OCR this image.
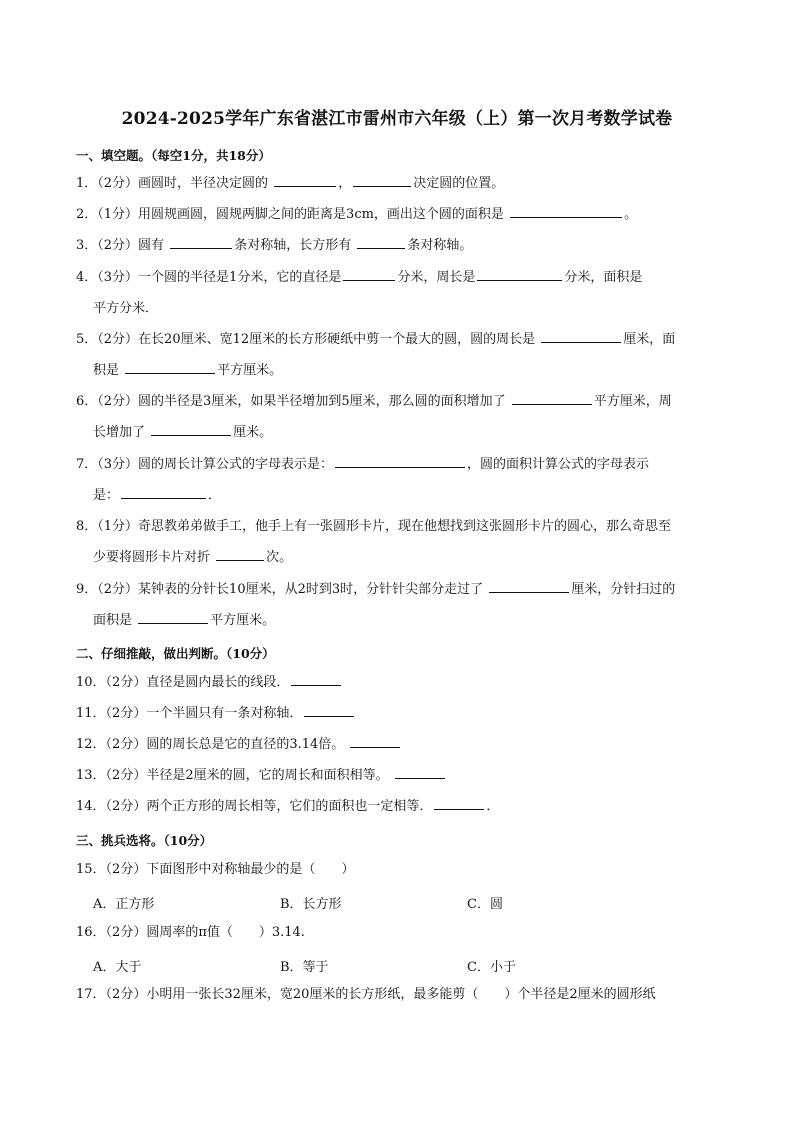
2024-2025学年广东省湛江市雷州市六年级（上）第一次月考数学试卷
一、填空题。（每空1分，共18分）
1．（2分）画圆时，半径决定圆的	，	决定圆的位置。
2．（1分）用圆规画圆，圆规两脚之间的距离是3cm，画出这个圆的面积是	。
3．（2分）圆有	条对称轴，长方形有	条对称轴。
4．（3分）一个圆的半径是1分米，它的直径是	分米，周长是	分米，面积是
平方分米．
5．（2分）在长20厘米、宽12厘米的长方形硬纸中剪一个最大的圆，圆的周长是	厘米，面
积是	平方厘米。
6．（2分）圆的半径是3厘米，如果半径增加到5厘米，那么圆的面积增加了	平方厘米，周
长增加了	厘米。
7．（3分）圆的周长计算公式的字母表示是：	，圆的面积计算公式的字母表示
是：	．
8．（1分）奇思教弟弟做手工，他手上有一张圆形卡片，现在他想找到这张圆形卡片的圆心，那么奇思至
少要将圆形卡片对折	次。
9．（2分）某钟表的分针长10厘米，从2时到3时，分针针尖部分走过了	厘米，分针扫过的
面积是	平方厘米。
二、仔细推敲，做出判断。（10分）
10．（2分）直径是圆内最长的线段．
11．（2分）一个半圆只有一条对称轴．
12．（2分）圆的周长总是它的直径的3.14倍。
13．（2分）半径是2厘米的圆，它的周长和面积相等。
14．（2分）两个正方形的周长相等，它们的面积也一定相等．	．
三、挑兵选将。（10分）
15．（2分）下面图形中对称轴最少的是（　　）
A．正方形	B．长方形	C．圆
16．（2分）圆周率的π值（　　）3.14.
A．大于	B．等于	C．小于
17．（2分）小明用一张长32厘米，宽20厘米的长方形纸，最多能剪（　　）个半径是2厘米的圆形纸
